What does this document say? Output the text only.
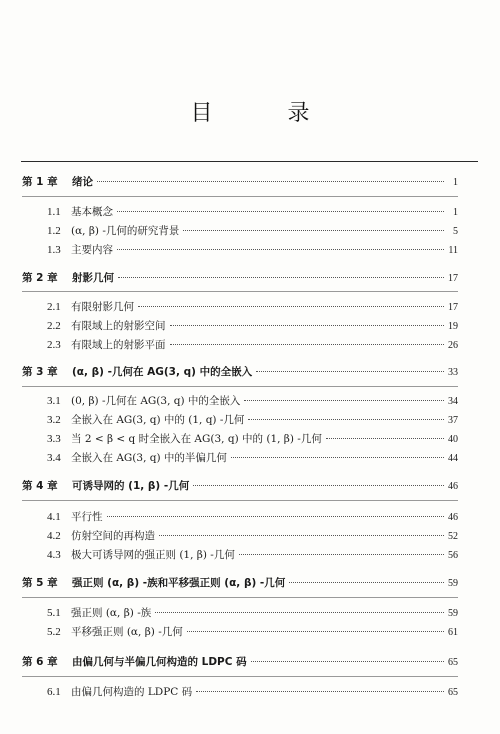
目 录
第 1 章	绪论	1
1.1 基本概念	1
1.2 (α, β) -几何的研究背景	5
1.3 主要内容	11
第 2 章	射影几何	17
2.1 有限射影几何	17
2.2 有限域上的射影空间	19
2.3 有限域上的射影平面	26
第 3 章	(α, β) -几何在 AG(3, q) 中的全嵌入	33
3.1 (0, β) -几何在 AG(3, q) 中的全嵌入	34
3.2 全嵌入在 AG(3, q) 中的 (1, q) -几何	37
3.3 当 2 < β < q 时全嵌入在 AG(3, q) 中的 (1, β) -几何	40
3.4 全嵌入在 AG(3, q) 中的半偏几何	44
第 4 章	可诱导网的 (1, β) -几何	46
4.1 平行性	46
4.2 仿射空间的再构造	52
4.3 极大可诱导网的强正则 (1, β) -几何	56
第 5 章	强正则 (α, β) -族和平移强正则 (α, β) -几何	59
5.1 强正则 (α, β) -族	59
5.2 平移强正则 (α, β) -几何	61
第 6 章	由偏几何与半偏几何构造的 LDPC 码	65
6.1 由偏几何构造的 LDPC 码	65
